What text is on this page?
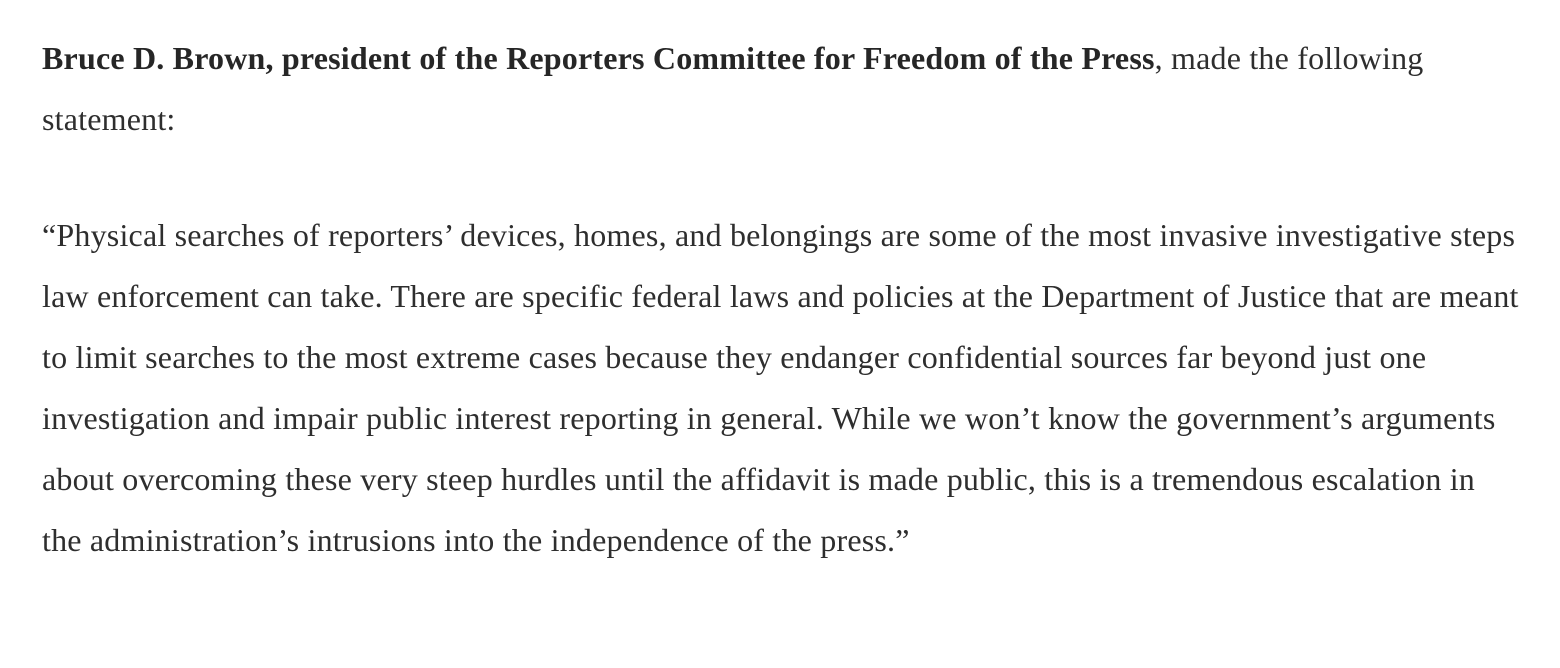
Bruce D. Brown, president of the Reporters Committee for Freedom of the Press, made the following statement:

“Physical searches of reporters’ devices, homes, and belongings are some of the most invasive investigative steps law enforcement can take. There are specific federal laws and policies at the Department of Justice that are meant to limit searches to the most extreme cases because they endanger confidential sources far beyond just one investigation and impair public interest reporting in general. While we won’t know the government’s arguments about overcoming these very steep hurdles until the affidavit is made public, this is a tremendous escalation in the administration’s intrusions into the independence of the press.”
